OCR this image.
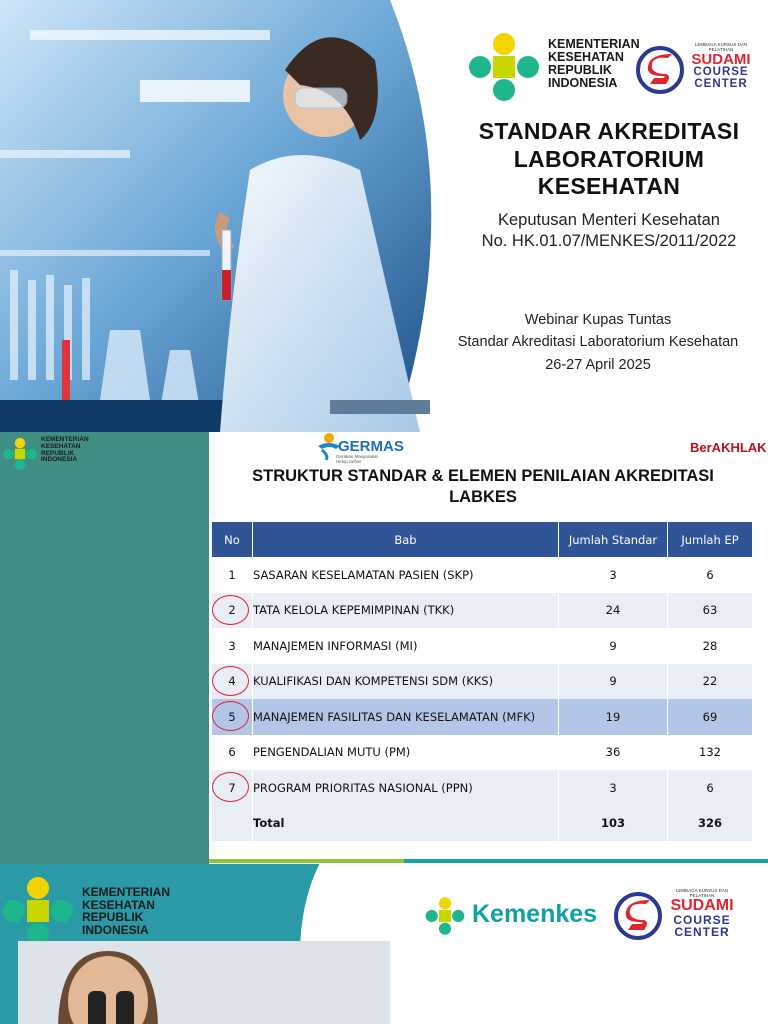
KEMENTERIAN
KESEHATAN
REPUBLIK
INDONESIA
LEMBAGA KURSUS DAN PELATIHAN
SUDAMI
COURSE
CENTER
STANDAR AKREDITASI
LABORATORIUM
KESEHATAN
Keputusan Menteri Kesehatan
No. HK.01.07/MENKES/2011/2022
Webinar Kupas Tuntas
Standar Akreditasi Laboratorium Kesehatan
26-27 April 2025
KEMENTERIAN
KESEHATAN
REPUBLIK
INDONESIA
GERMAS
Gerakan Masyarakat
Hidup Sehat
BerAKHLAK
STRUKTUR STANDAR & ELEMEN PENILAIAN AKREDITASI
LABKES
No	Bab	Jumlah Standar	Jumlah EP
1	SASARAN KESELAMATAN PASIEN (SKP)	3	6

2	TATA KELOLA KEPEMIMPINAN (TKK)	24	63
3	MANAJEMEN INFORMASI (MI)	9	28

4	KUALIFIKASI DAN KOMPETENSI SDM (KKS)	9	22

5	MANAJEMEN FASILITAS DAN KESELAMATAN (MFK)	19	69
6	PENGENDALIAN MUTU (PM)	36	132

7	PROGRAM PRIORITAS NASIONAL (PPN)	3	6
	Total	103	326
KEMENTERIAN
KESEHATAN
REPUBLIK
INDONESIA
Kemenkes
LEMBAGA KURSUS DAN PELATIHAN
SUDAMI
COURSE
CENTER
